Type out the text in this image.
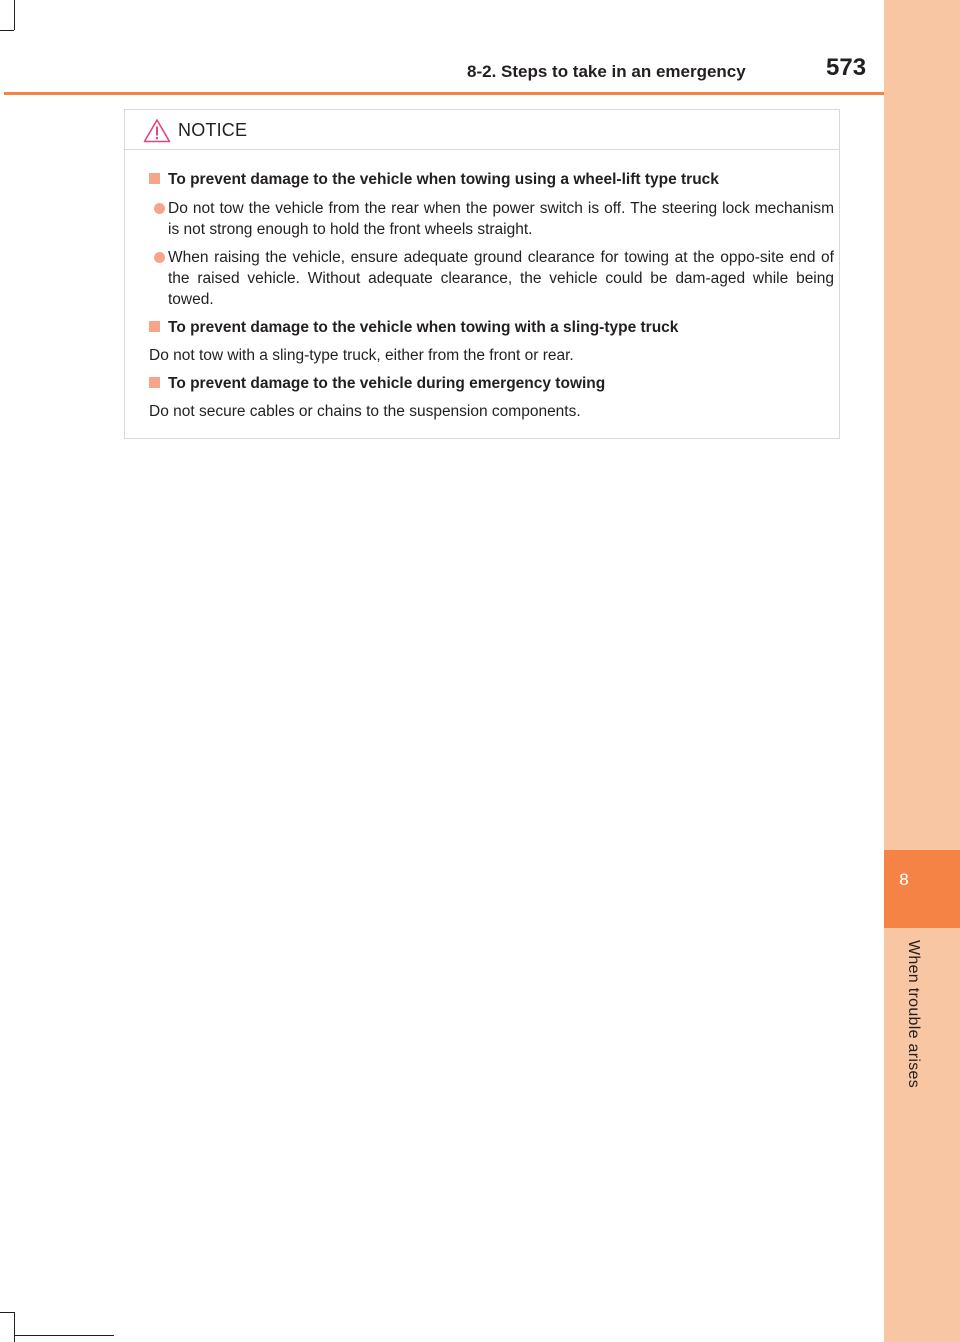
8
When trouble arises
8-2. Steps to take in an emergency	573
NOTICE
To prevent damage to the vehicle when towing using a wheel-lift type truck
Do not tow the vehicle from the rear when the power switch is off. The steering lock mechanism is not strong enough to hold the front wheels straight.
When raising the vehicle, ensure adequate ground clearance for towing at the oppo-site end of the raised vehicle. Without adequate clearance, the vehicle could be dam-aged while being towed.
To prevent damage to the vehicle when towing with a sling-type truck
Do not tow with a sling-type truck, either from the front or rear.
To prevent damage to the vehicle during emergency towing
Do not secure cables or chains to the suspension components.
